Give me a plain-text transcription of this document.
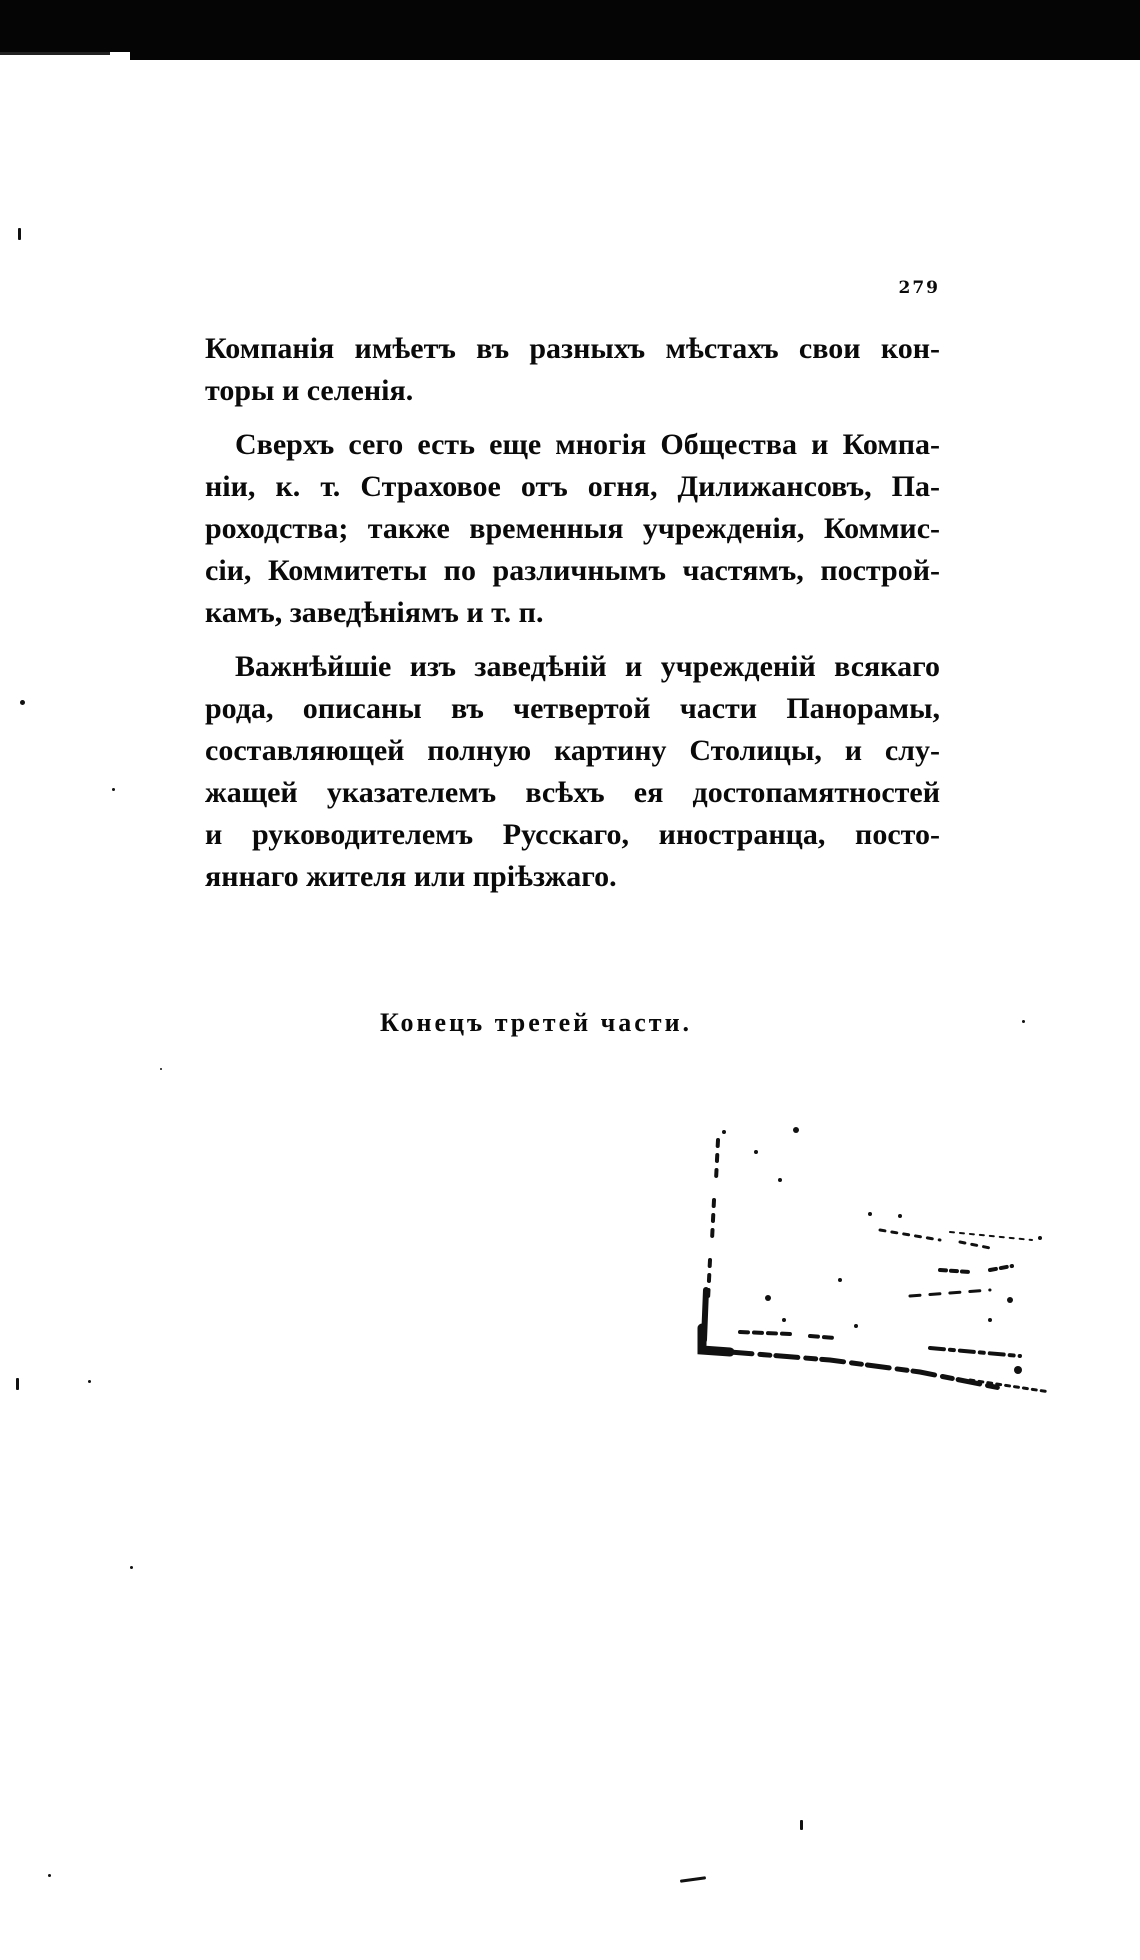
279
Компанія имѣетъ въ разныхъ мѣстахъ свои кон-
торы и селенія.
Сверхъ сего есть еще многія Общества и Компа-
ніи, к. т. Страховое отъ огня, Дилижансовъ, Па-
роходства; также временныя учрежденія, Коммис-
сіи, Коммитеты по различнымъ частямъ, построй-
камъ, заведѣніямъ и т. п.
Важнѣйшіе изъ заведѣній и учрежденій всякаго
рода, описаны въ четвертой части Панорамы,
составляющей полную картину Столицы, и слу-
жащей указателемъ всѣхъ ея достопамятностей
и руководителемъ Русскаго, иностранца, посто-
яннаго жителя или пріѣзжаго.
Конецъ третей части.
